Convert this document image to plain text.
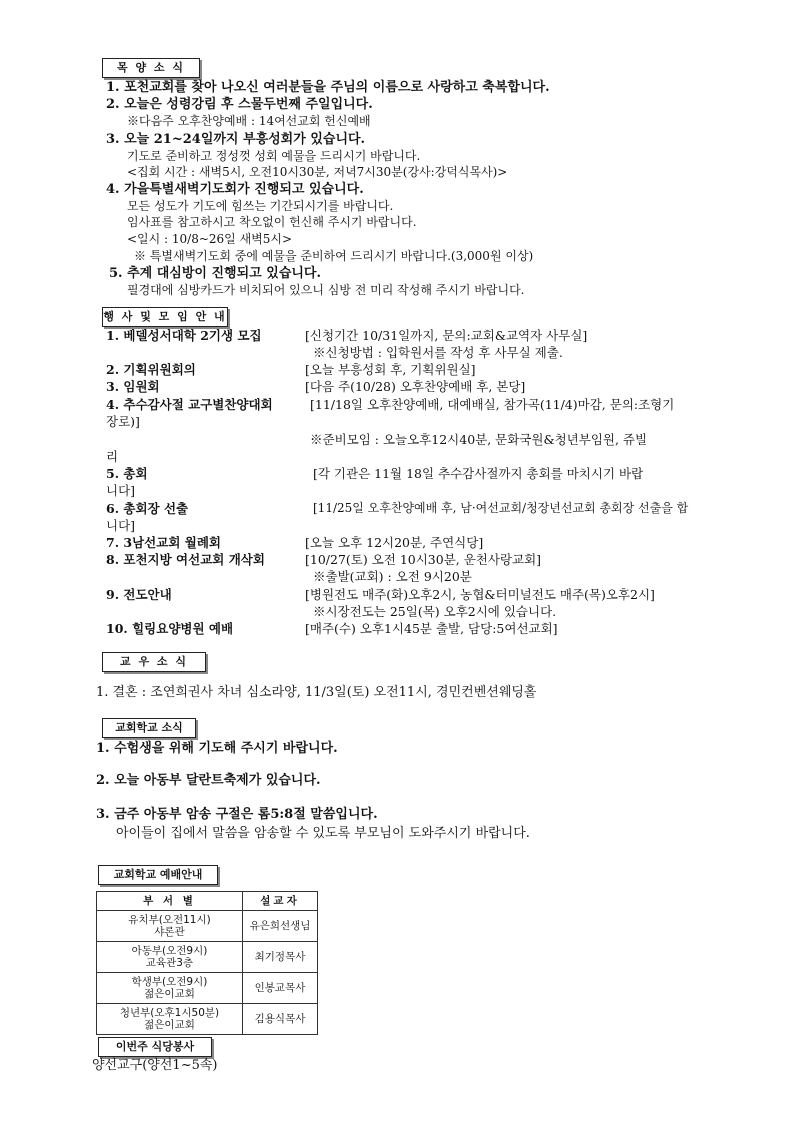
목 양 소 식
1. 포천교회를 찾아 나오신 여러분들을 주님의 이름으로 사랑하고 축복합니다.
2. 오늘은 성령강림 후 스물두번째 주일입니다.
※다음주 오후찬양예배 : 14여선교회 헌신예배
3. 오늘 21~24일까지 부흥성회가 있습니다.
기도로 준비하고 정성껏 성회 예물을 드리시기 바랍니다.
<집회 시간 : 새벽5시, 오전10시30분, 저녁7시30분(강사:강덕식목사)>
4. 가을특별새벽기도회가 진행되고 있습니다.
모든 성도가 기도에 힘쓰는 기간되시기를 바랍니다.
임사표를 참고하시고 착오없이 헌신해 주시기 바랍니다.
<일시 : 10/8~26일 새벽5시>
※ 특별새벽기도회 중에 예물을 준비하여 드리시기 바랍니다.(3,000원 이상)
5. 추계 대심방이 진행되고 있습니다.
필경대에 심방카드가 비치되어 있으니 심방 전 미리 작성해 주시기 바랍니다.
행 사 및 모 임 안 내
1. 베델성서대학 2기생 모집	[신청기간 10/31일까지, 문의:교회&교역자 사무실]
※신청방법 : 입학원서를 작성 후 사무실 제출.
2. 기획위원회의	[오늘 부흥성회 후, 기획위원실]
3. 임원회	[다음 주(10/28) 오후찬양예배 후, 본당]
4. 추수감사절 교구별찬양대회	[11/18일 오후찬양예배, 대예배실, 참가곡(11/4)마감, 문의:조형기
장로)]
※준비모임 : 오늘오후12시40분, 문화국원&청년부임원, 쥬빌
리
5. 총회	[각 기관은 11월 18일 추수감사절까지 총회를 마치시기 바랍
니다]
6. 총회장 선출	[11/25일 오후찬양예배 후, 남·여선교회/청장년선교회 총회장 선출을 합
니다]
7. 3남선교회 월례회	[오늘 오후 12시20분, 주연식당]
8. 포천지방 여선교회 개삭회	[10/27(토) 오전 10시30분, 운천사랑교회]
※출발(교회) : 오전 9시20분
9. 전도안내	[병원전도 매주(화)오후2시, 농협&터미널전도 매주(목)오후2시]
※시장전도는 25일(목) 오후2시에 있습니다.
10. 힐링요양병원 예배	[매주(수) 오후1시45분 출발, 담당:5여선교회]
교 우 소 식
1. 결혼 : 조연희권사 차녀 심소라양, 11/3일(토) 오전11시, 경민컨벤션웨딩홀
교회학교 소식
1. 수험생을 위해 기도해 주시기 바랍니다.
2. 오늘 아동부 달란트축제가 있습니다.
3. 금주 아동부 암송 구절은 롬5:8절 말씀입니다.
아이들이 집에서 말씀을 암송할 수 있도록 부모님이 도와주시기 바랍니다.
교회학교 예배안내
부 서 별	설교자

유치부(오전11시)
샤론관	유은희선생님

아동부(오전9시)
교육관3층	최기정목사

학생부(오전9시)
젊은이교회	인봉교목사

청년부(오후1시50분)
젊은이교회	김용식목사
이번주 식당봉사
양선교구(양선1~5속)
